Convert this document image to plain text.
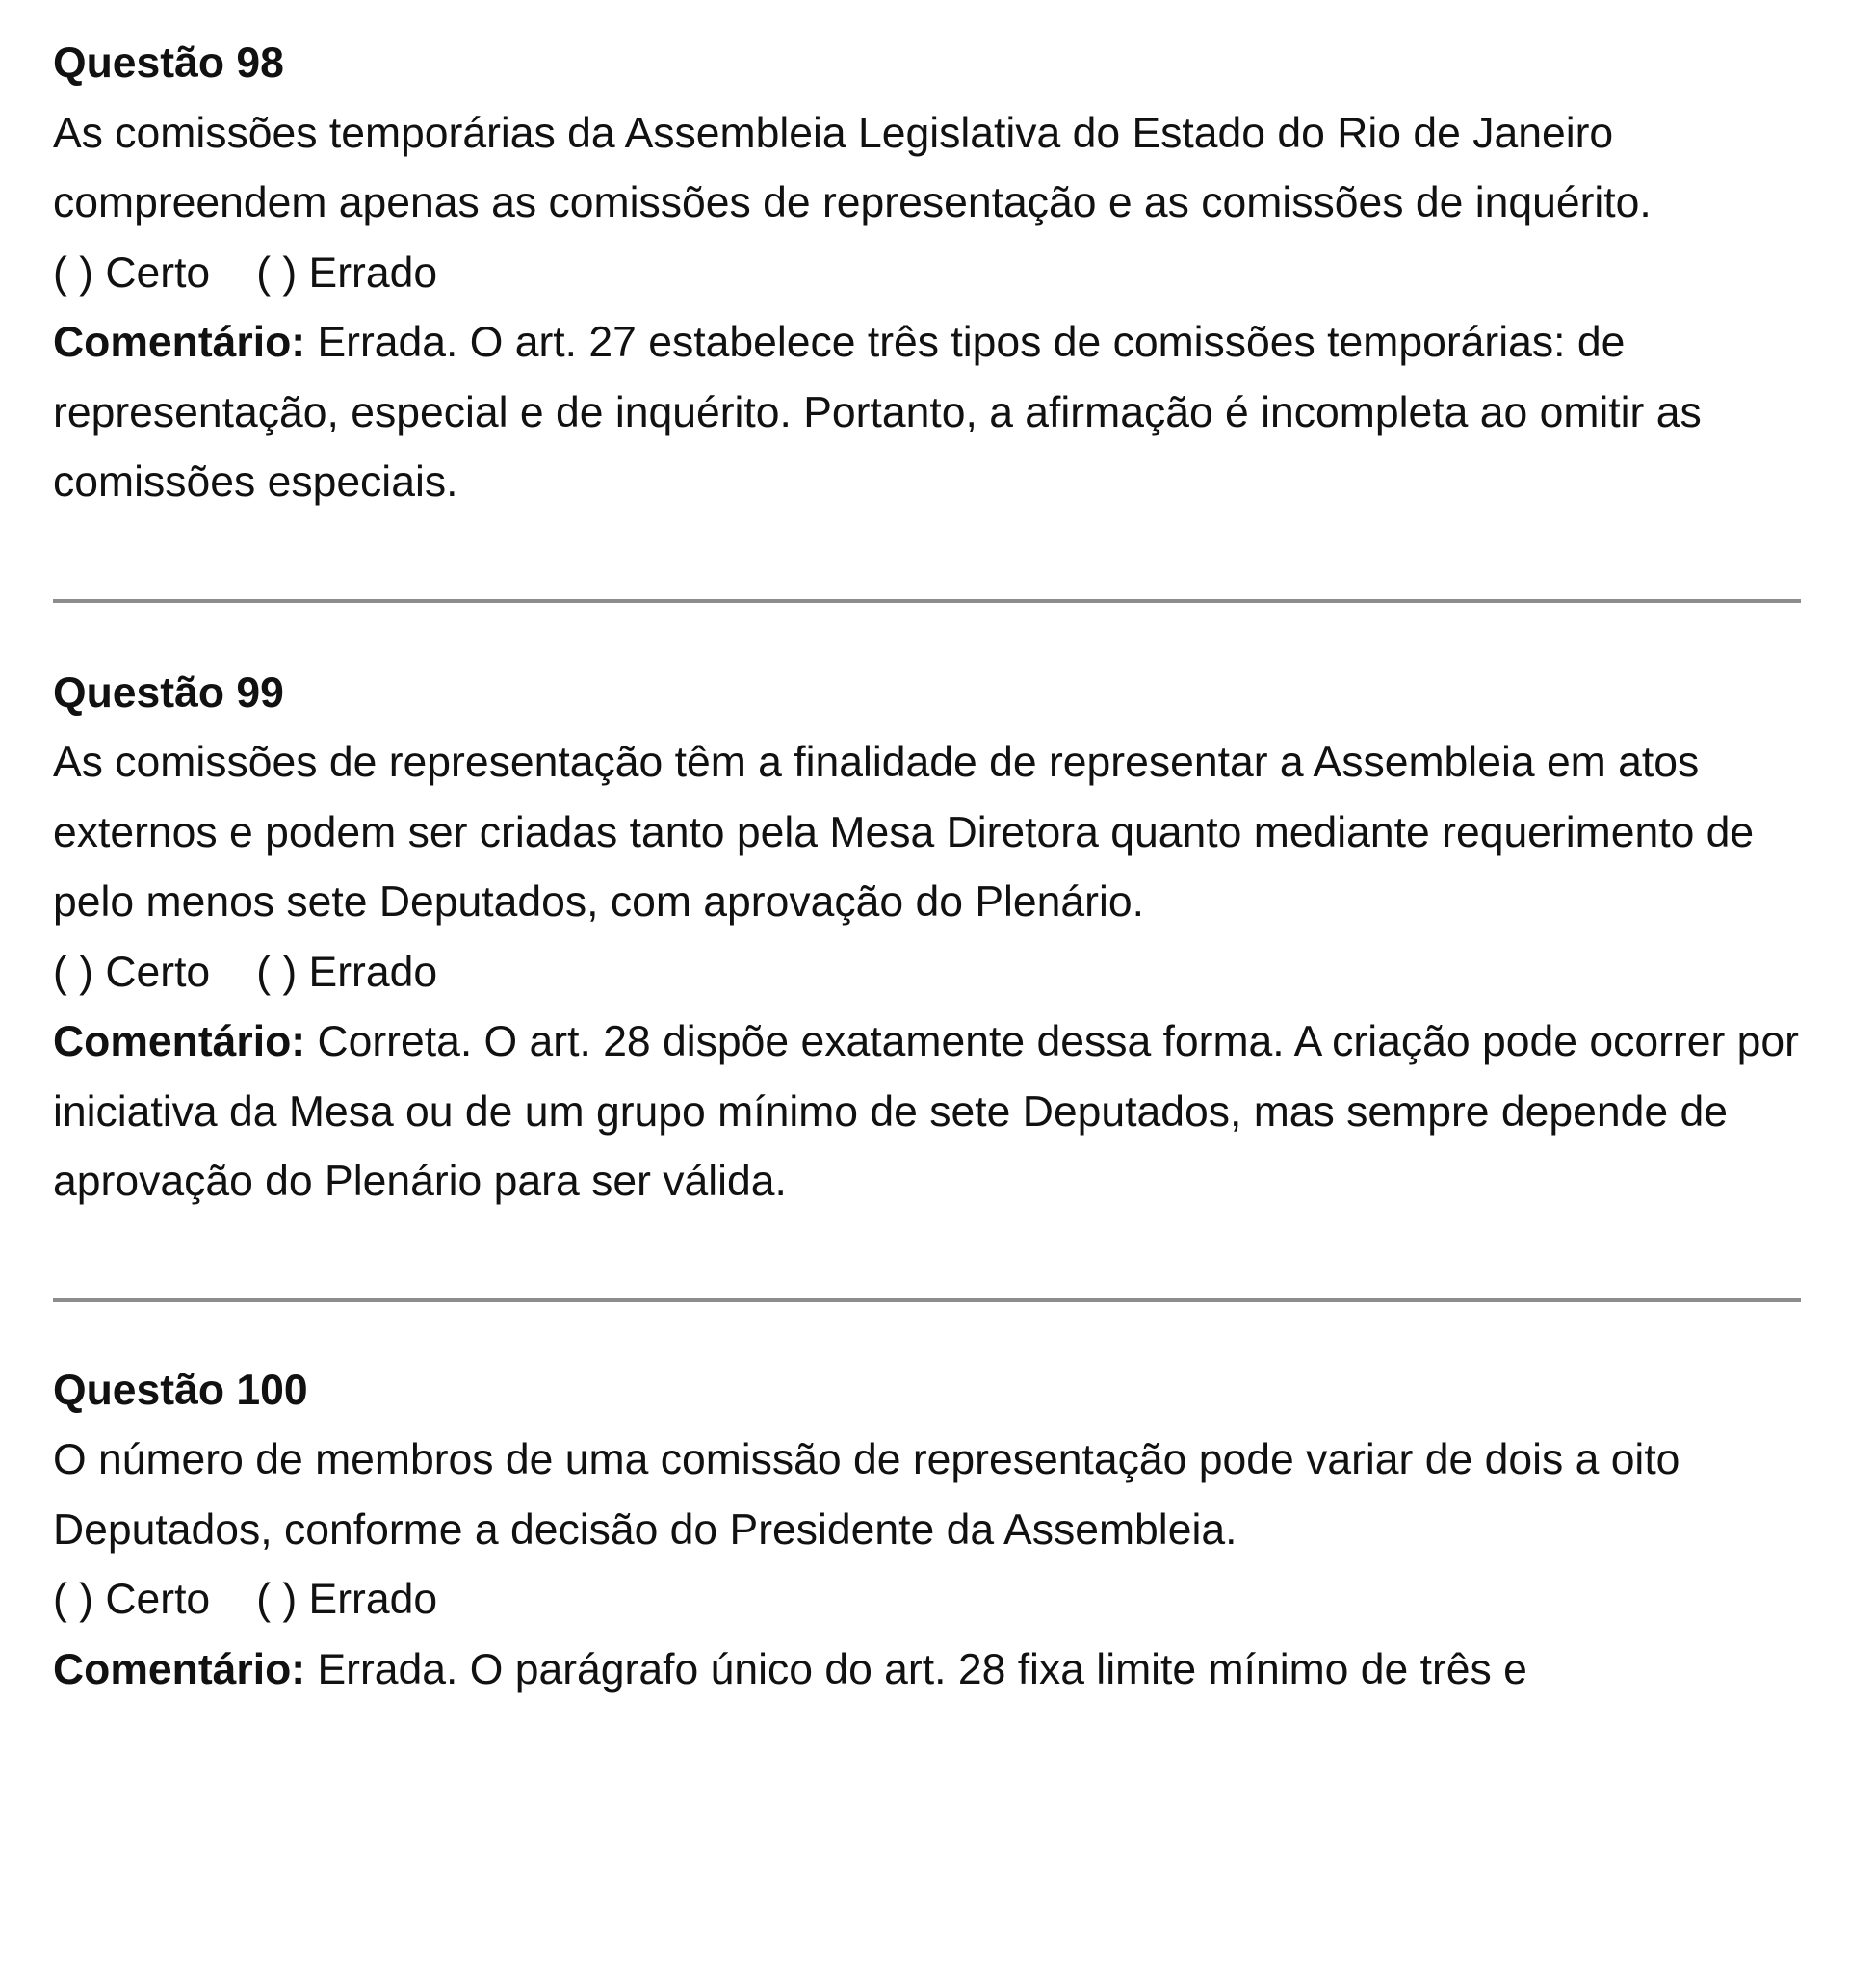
Questão 98

As comissões temporárias da Assembleia Legislativa do Estado do Rio de Janeiro compreendem apenas as comissões de representação e as comissões de inquérito.

( ) Certo ( ) Errado

Comentário: Errada. O art. 27 estabelece três tipos de comissões temporárias: de representação, especial e de inquérito. Portanto, a afirmação é incompleta ao omitir as comissões especiais.

Questão 99

As comissões de representação têm a finalidade de representar a Assembleia em atos externos e podem ser criadas tanto pela Mesa Diretora quanto mediante requerimento de pelo menos sete Deputados, com aprovação do Plenário.

( ) Certo ( ) Errado

Comentário: Correta. O art. 28 dispõe exatamente dessa forma. A criação pode ocorrer por iniciativa da Mesa ou de um grupo mínimo de sete Deputados, mas sempre depende de aprovação do Plenário para ser válida.

Questão 100

O número de membros de uma comissão de representação pode variar de dois a oito Deputados, conforme a decisão do Presidente da Assembleia.

( ) Certo ( ) Errado

Comentário: Errada. O parágrafo único do art. 28 fixa limite mínimo de três e
